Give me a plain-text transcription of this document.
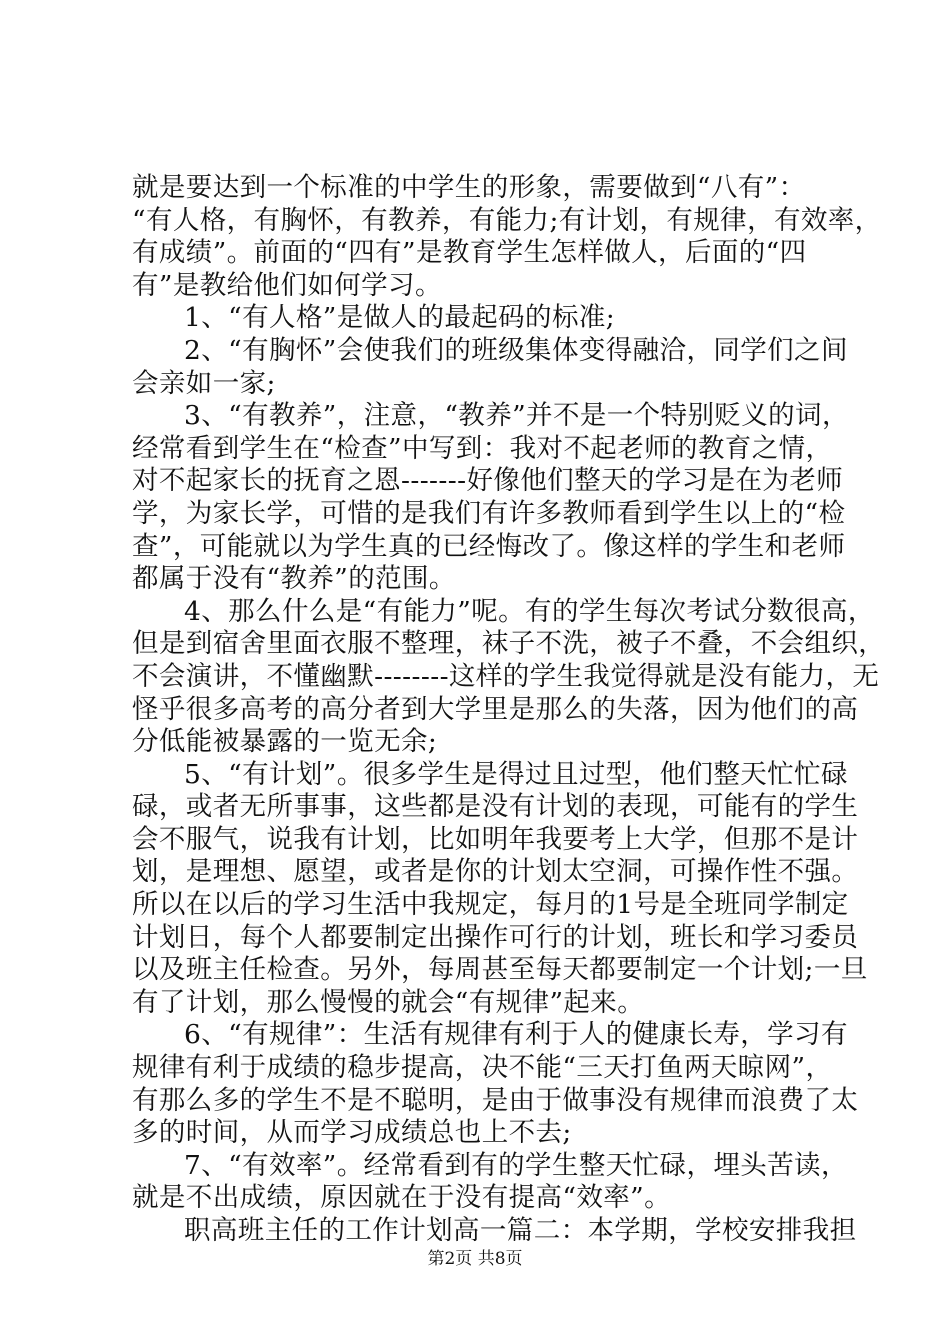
就是要达到一个标准的中学生的形象，需要做到“八有”：
“有人格，有胸怀，有教养，有能力;有计划，有规律，有效率，
有成绩”。前面的“四有”是教育学生怎样做人，后面的“四
有”是教给他们如何学习。
1、“有人格”是做人的最起码的标准;
2、“有胸怀”会使我们的班级集体变得融洽，同学们之间
会亲如一家;
3、“有教养”，注意，“教养”并不是一个特别贬义的词，
经常看到学生在“检查”中写到：我对不起老师的教育之情，
对不起家长的抚育之恩-------好像他们整天的学习是在为老师
学，为家长学，可惜的是我们有许多教师看到学生以上的“检
查”，可能就以为学生真的已经悔改了。像这样的学生和老师
都属于没有“教养”的范围。
4、那么什么是“有能力”呢。有的学生每次考试分数很高，
但是到宿舍里面衣服不整理，袜子不洗，被子不叠，不会组织，
不会演讲，不懂幽默--------这样的学生我觉得就是没有能力，无
怪乎很多高考的高分者到大学里是那么的失落，因为他们的高
分低能被暴露的一览无余;
5、“有计划”。很多学生是得过且过型，他们整天忙忙碌
碌，或者无所事事，这些都是没有计划的表现，可能有的学生
会不服气，说我有计划，比如明年我要考上大学，但那不是计
划，是理想、愿望，或者是你的计划太空洞，可操作性不强。
所以在以后的学习生活中我规定，每月的1号是全班同学制定
计划日，每个人都要制定出操作可行的计划，班长和学习委员
以及班主任检查。另外，每周甚至每天都要制定一个计划;一旦
有了计划，那么慢慢的就会“有规律”起来。
6、“有规律”：生活有规律有利于人的健康长寿，学习有
规律有利于成绩的稳步提高，决不能“三天打鱼两天晾网”，
有那么多的学生不是不聪明，是由于做事没有规律而浪费了太
多的时间，从而学习成绩总也上不去;
7、“有效率”。经常看到有的学生整天忙碌，埋头苦读，
就是不出成绩，原因就在于没有提高“效率”。
职高班主任的工作计划高一篇二：本学期，学校安排我担
第2页 共8页
